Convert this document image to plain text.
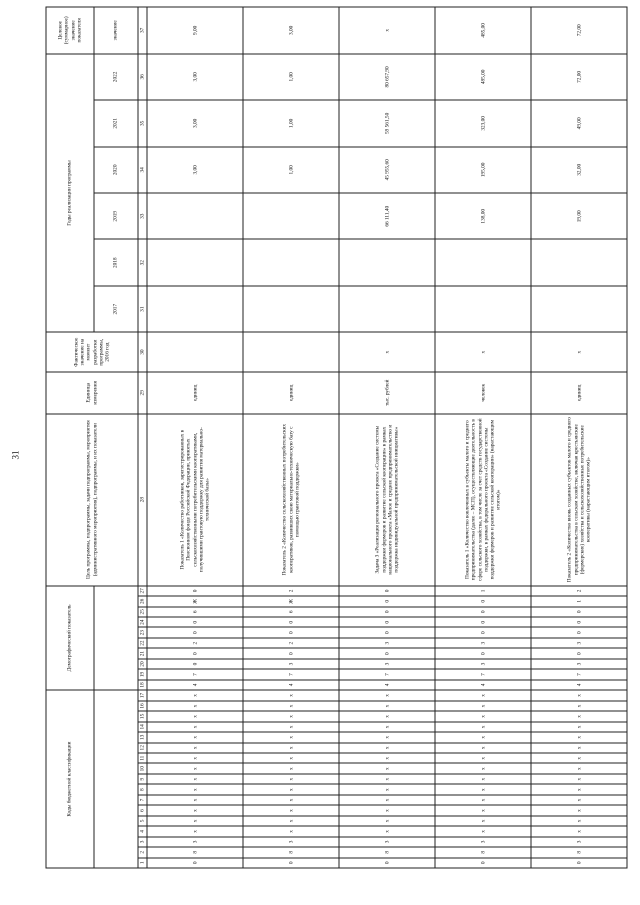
31
Коды бюджетной классификации																	Демографический показатель										Цель программы, подпрограммы, задачи подпрограммы, мероприятия (административного мероприятия), подпрограммы, и их показатели	Единица измерения	Фактическое значение на момент разработки программы, 2016 год	Годы реализации программы						Целевое (суммарное) значение показателя
																														2017	2018	2019	2020	2021	2022	значение
1	2	3	4	5	6	7	8	9	10	11	12	13	14	15	16	17	18	19	20	21	22	23	24	25	26	27	28	29	30	31	32	33	34	35	36	37
0	8	3	x	x	x	x	x	x	x	x	x	x	x	x	x	x	4	7	0	0	2	0	0	6	Ж	0	Показатель 1 «Количество работников, зарегистрированных в Пенсионном фонде Российской Федерации, принятых сельскохозяйственными потребительскими кооперативами, получившими грантовую поддержку для развития материально-технической базы»	единиц					3,00	3,00	3,00	9,00
0	8	3	x	x	x	x	x	x	x	x	x	x	x	x	x	x	4	7	3	0	2	0	0	6	Ж	2	Показатель 2 «Количество сельскохозяйственных потребительских кооперативов, развивших свою материально-техническую базу с помощью грантовой поддержки»	единиц					1,00	1,00	1,00	3,00
0	8	3	x	x	x	x	x	x	x	x	x	x	x	x	x	x	4	7	3	0	3	0	0	0	0	0	Задача 3 «Реализация регионального проекта «Создание системы поддержки фермеров и развитие сельской кооперации» в рамках национального проекта «Малое и среднее предпринимательство и поддержка индивидуальной предпринимательской инициативы»	тыс. рублей	x			66 111,40	45 955,60	59 561,50	80 657,90	x
0	8	3	x	x	x	x	x	x	x	x	x	x	x	x	x	x	4	7	3	0	3	0	0	0	0	1	Показатель 1 «Количество вовлеченных в субъекты малого и среднего предпринимательства (далее – МСП), осуществляющие деятельность в сфере сельского хозяйства, в том числе за счет средств государственной поддержки, в рамках федерального проекта «Создание системы поддержки фермеров и развитие сельской кооперации» (нарастающим итогом)»	человек	x			138,00	195,00	323,00	485,00	485,00
0	8	3	x	x	x	x	x	x	x	x	x	x	x	x	x	x	4	7	3	0	3	0	0	0	1	2	Показатель 2 «Количество вновь созданных субъектов малого и среднего предпринимательства в сельском хозяйстве, включая крестьянские (фермерские) хозяйства и сельскохозяйственные потребительские кооперативы (нарастающим итогом)»	единиц	x			19,00	32,00	49,00	72,00	72,00
